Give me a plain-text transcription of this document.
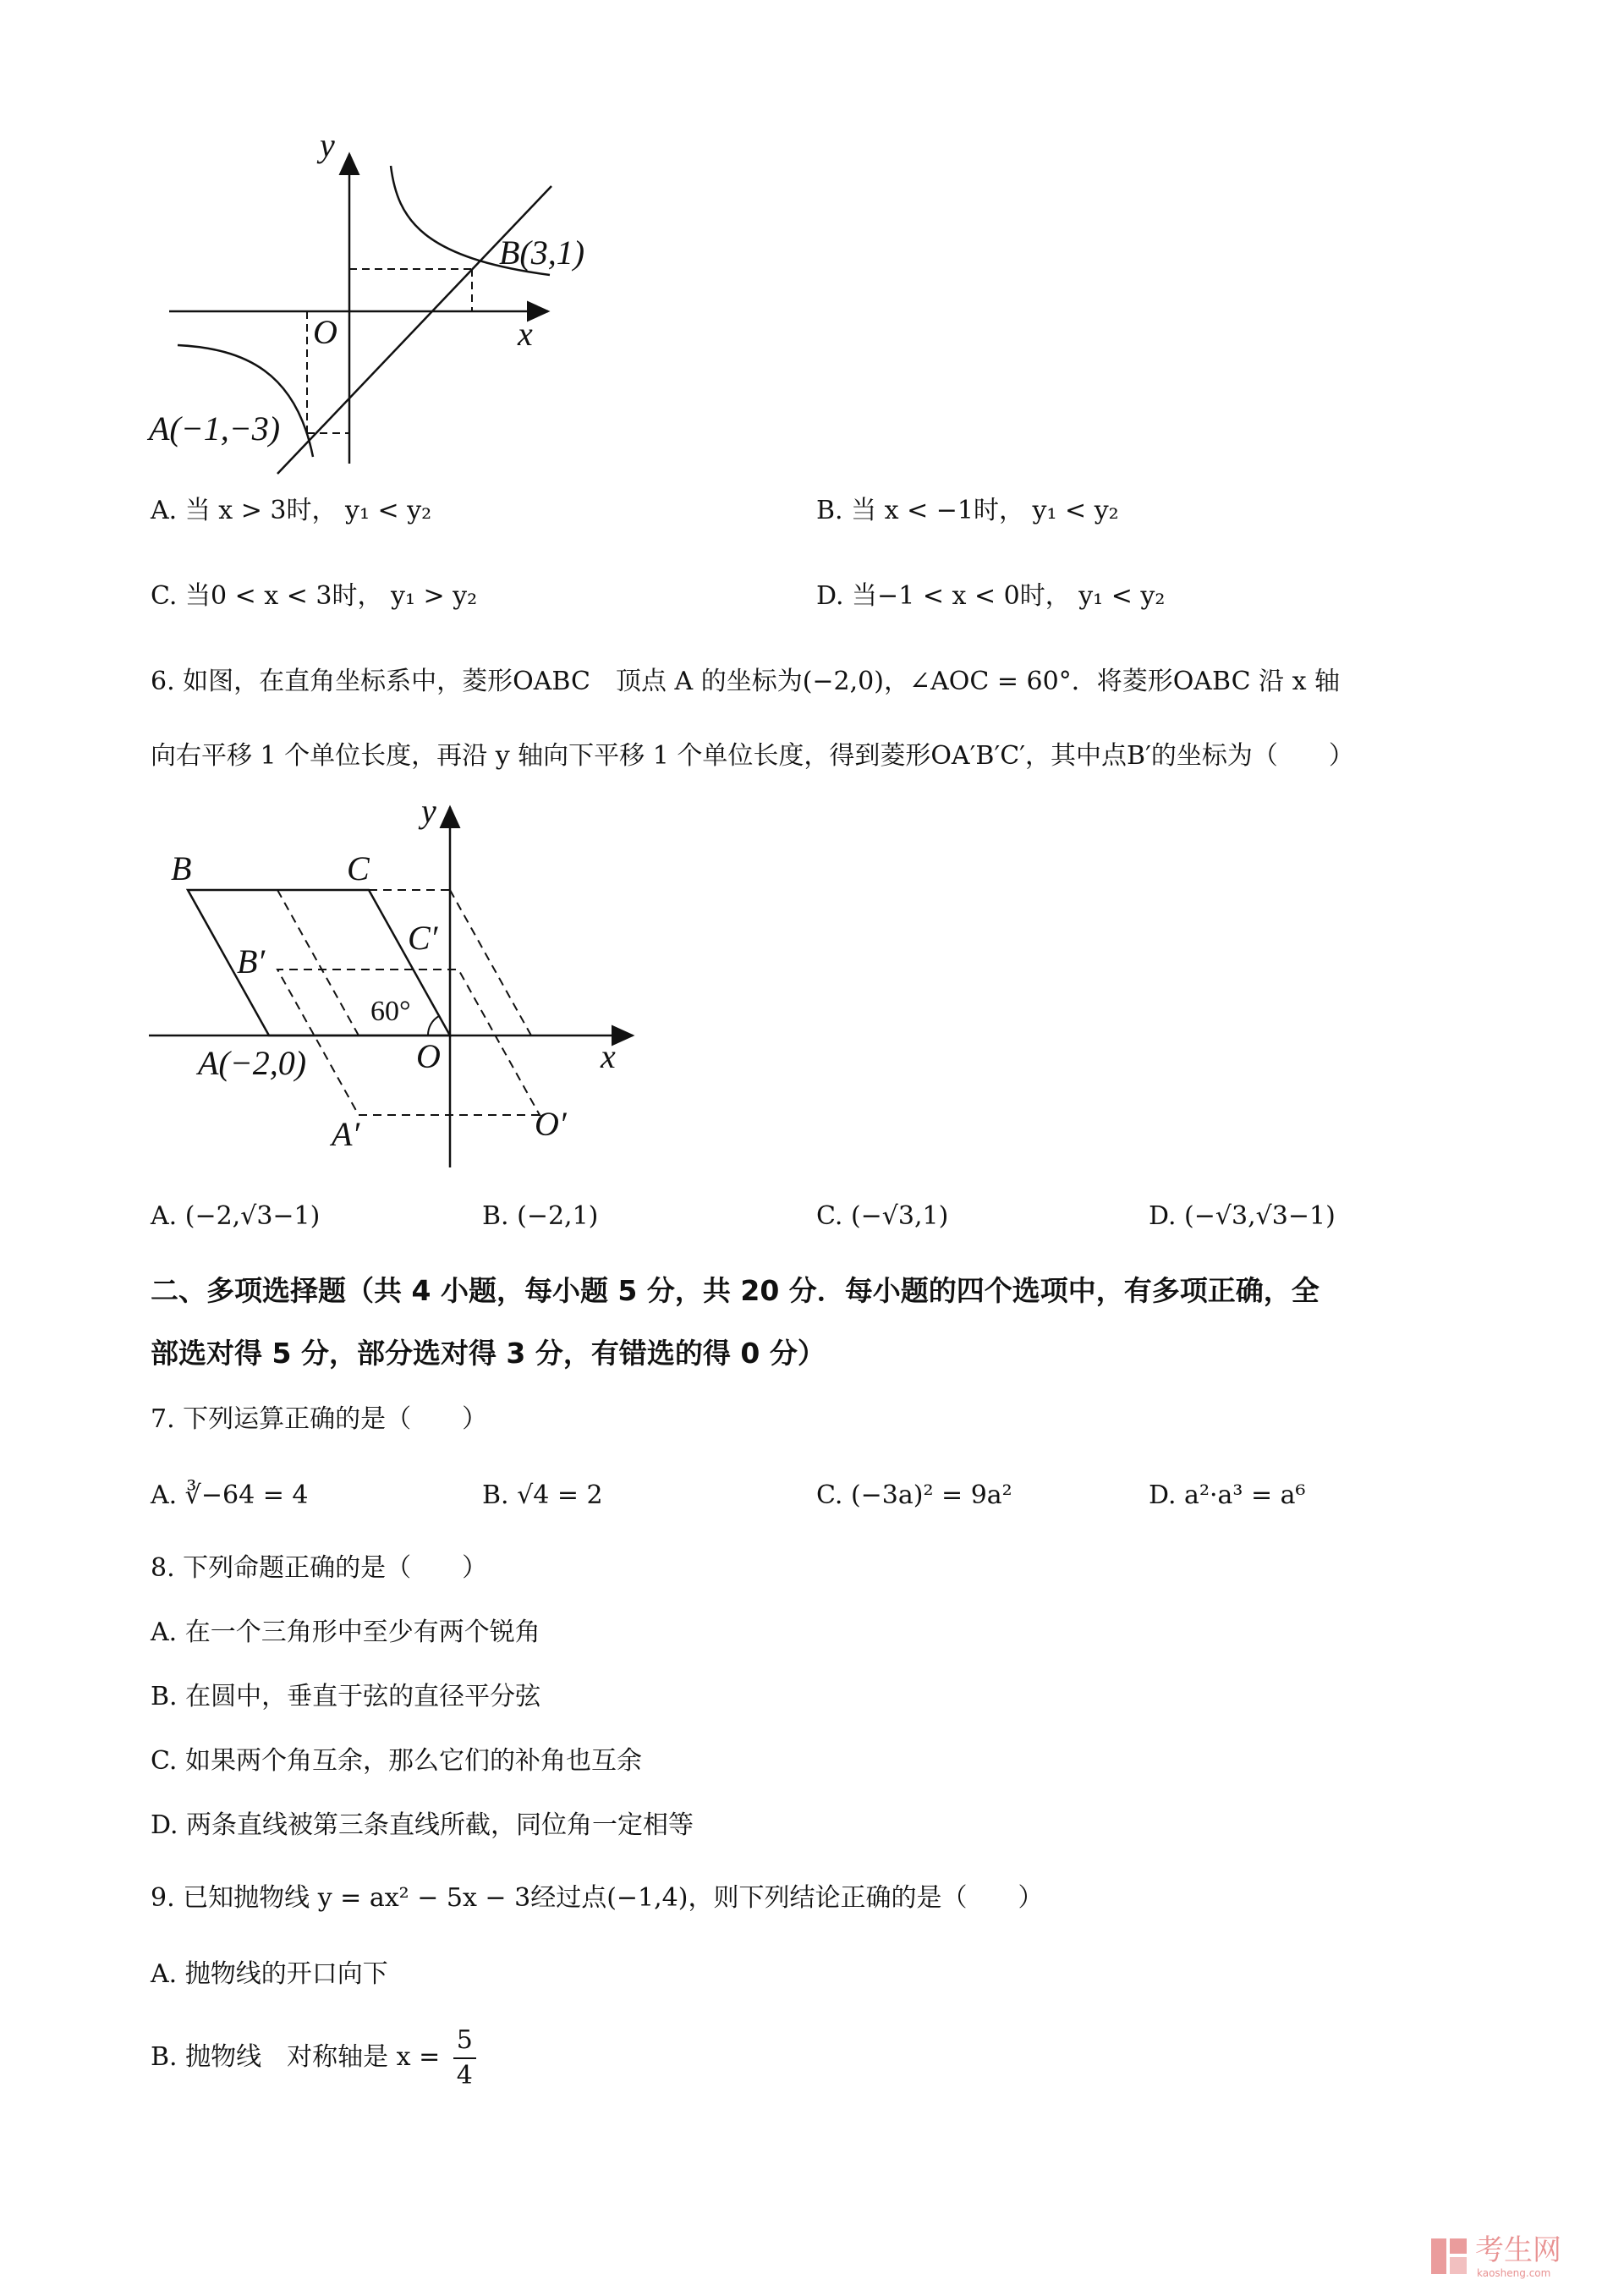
y
x
O
B(3,1)
A(−1,−3)
A. 当 x > 3时， y₁ < y₂	B. 当 x < −1时， y₁ < y₂
C. 当0 < x < 3时， y₁ > y₂	D. 当−1 < x < 0时， y₁ < y₂
6. 如图，在直角坐标系中，菱形OABC　顶点 A 的坐标为(−2,0)，∠AOC = 60°．将菱形OABC 沿 x 轴
向右平移 1 个单位长度，再沿 y 轴向下平移 1 个单位长度，得到菱形OA′B′C′，其中点B′的坐标为（　　）
y
x
B	C
B′
C′
60°
O
A(−2,0)
A′	O′
A. (−2,√3−1)	B. (−2,1)	C. (−√3,1)	D. (−√3,√3−1)
二、多项选择题（共 4 小题，每小题 5 分，共 20 分．每小题的四个选项中，有多项正确，全
部选对得 5 分，部分选对得 3 分，有错选的得 0 分）
7. 下列运算正确的是（　　）
A. ∛−64 = 4	B. √4 = 2	C. (−3a)² = 9a²	D. a²·a³ = a⁶
8. 下列命题正确的是（　　）
A. 在一个三角形中至少有两个锐角
B. 在圆中，垂直于弦的直径平分弦
C. 如果两个角互余，那么它们的补角也互余
D. 两条直线被第三条直线所截，同位角一定相等
9. 已知抛物线 y = ax² − 5x − 3经过点(−1,4)，则下列结论正确的是（　　）
A. 抛物线的开口向下
B. 抛物线　对称轴是 $x = \frac{5}{4}$
考生网
kaosheng.com
